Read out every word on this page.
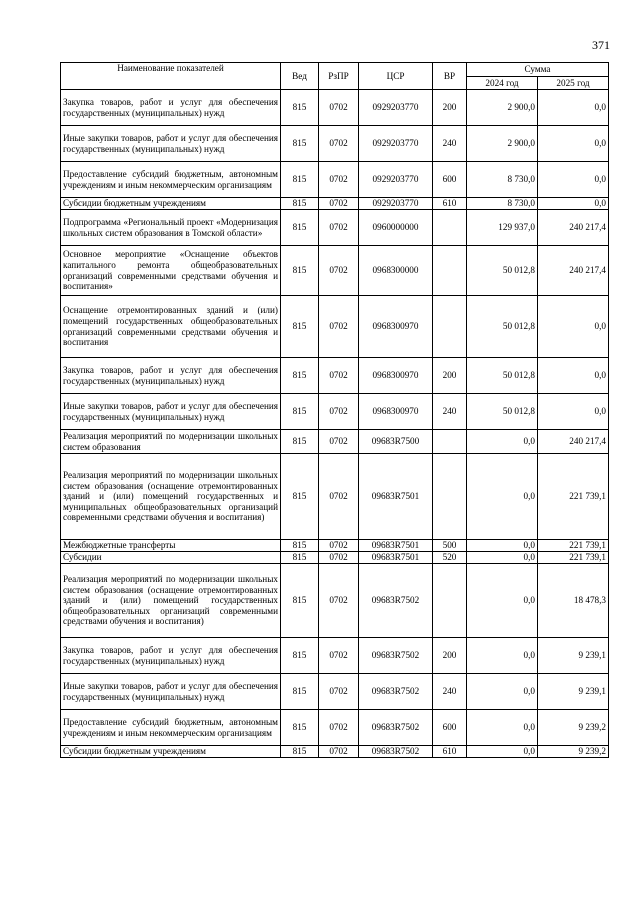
371
Наименование показателей	Вед	РзПР	ЦСР	ВР	Сумма	
					2024 год	2025 год
Закупка товаров, работ и услуг для обеспечения государственных (муниципальных) нужд	815	0702	0929203770	200	2 900,0	0,0
Иные закупки товаров, работ и услуг для обеспечения государственных (муниципальных) нужд	815	0702	0929203770	240	2 900,0	0,0
Предоставление субсидий бюджетным, автономным учреждениям и иным некоммерческим организациям	815	0702	0929203770	600	8 730,0	0,0
Субсидии бюджетным учреждениям	815	0702	0929203770	610	8 730,0	0,0
Подпрограмма «Региональный проект «Модернизация школьных систем образования в Томской области»	815	0702	0960000000		129 937,0	240 217,4
Основное мероприятие «Оснащение объектов капитального ремонта общеобразовательных организаций современными средствами обучения и воспитания»	815	0702	0968300000		50 012,8	240 217,4
Оснащение отремонтированных зданий и (или) помещений государственных общеобразовательных организаций современными средствами обучения и воспитания	815	0702	0968300970		50 012,8	0,0
Закупка товаров, работ и услуг для обеспечения государственных (муниципальных) нужд	815	0702	0968300970	200	50 012,8	0,0
Иные закупки товаров, работ и услуг для обеспечения государственных (муниципальных) нужд	815	0702	0968300970	240	50 012,8	0,0
Реализация мероприятий по модернизации школьных систем образования	815	0702	09683R7500		0,0	240 217,4
Реализация мероприятий по модернизации школьных систем образования (оснащение отремонтированных зданий и (или) помещений государственных и муниципальных общеобразовательных организаций современными средствами обучения и воспитания)	815	0702	09683R7501		0,0	221 739,1
Межбюджетные трансферты	815	0702	09683R7501	500	0,0	221 739,1
Субсидии	815	0702	09683R7501	520	0,0	221 739,1
Реализация мероприятий по модернизации школьных систем образования (оснащение отремонтированных зданий и (или) помещений государственных общеобразовательных организаций современными средствами обучения и воспитания)	815	0702	09683R7502		0,0	18 478,3
Закупка товаров, работ и услуг для обеспечения государственных (муниципальных) нужд	815	0702	09683R7502	200	0,0	9 239,1
Иные закупки товаров, работ и услуг для обеспечения государственных (муниципальных) нужд	815	0702	09683R7502	240	0,0	9 239,1
Предоставление субсидий бюджетным, автономным учреждениям и иным некоммерческим организациям	815	0702	09683R7502	600	0,0	9 239,2
Субсидии бюджетным учреждениям	815	0702	09683R7502	610	0,0	9 239,2
